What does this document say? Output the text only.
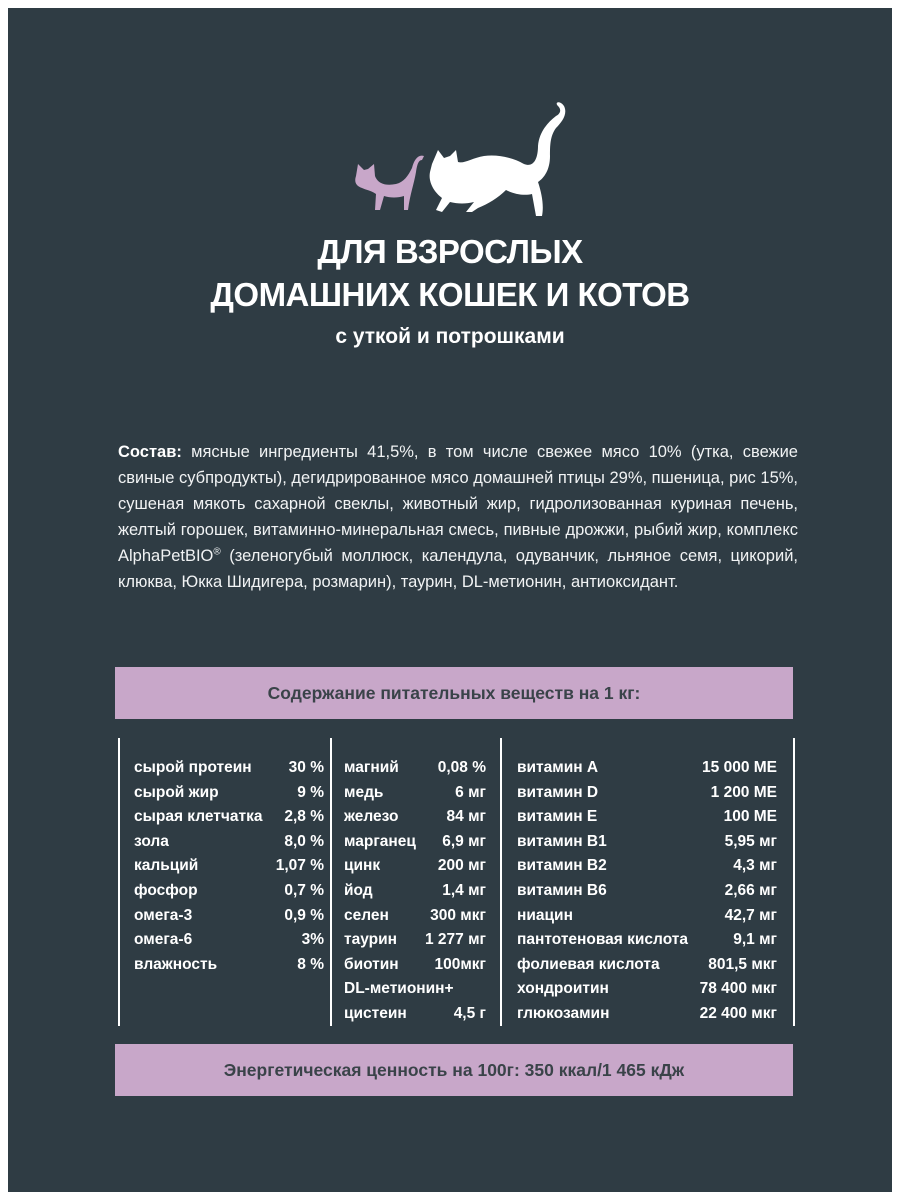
ДЛЯ ВЗРОСЛЫХ
ДОМАШНИХ КОШЕК И КОТОВ
с уткой и потрошками
Состав: мясные ингредиенты 41,5%, в том числе свежее мясо 10% (утка, свежие свиные субпродукты), дегидрированное мясо домашней птицы 29%, пшеница, рис 15%, сушеная мякоть сахарной свеклы, животный жир, гидролизованная куриная печень, желтый горошек, витаминно-минеральная смесь, пивные дрожжи, рыбий жир, комплекс AlphaPetBIO® (зеленогубый моллюск, календула, одуванчик, льняное семя, цикорий, клюква, Юкка Шидигера, розмарин), таурин, DL-метионин, антиоксидант.
Содержание питательных веществ на 1 кг:
сырой протеин 30 %
сырой жир	9 %
сырая клетчатка 2,8 %
зола	8,0 %
кальций	1,07 %
фосфор	0,7 %
омега-3	0,9 %
омега-6	3%
влажность	8 %
магний	0,08 %
медь	6 мг
железо	84 мг
марганец 6,9 мг
цинк	200 мг
йод	1,4 мг
селен	300 мкг
таурин 1 277 мг
биотин 100мкг
DL-метионин+
цистеин	4,5 г
витамин А	15 000 МЕ
витамин D	1 200 МЕ
витамин Е	100 МЕ
витамин В1	5,95 мг
витамин В2	4,3 мг
витамин В6	2,66 мг
ниацин	42,7 мг
пантотеновая кислота	9,1 мг
фолиевая кислота	801,5 мкг
хондроитин	78 400 мкг
глюкозамин	22 400 мкг
Энергетическая ценность на 100г: 350 ккал/1 465 кДж
